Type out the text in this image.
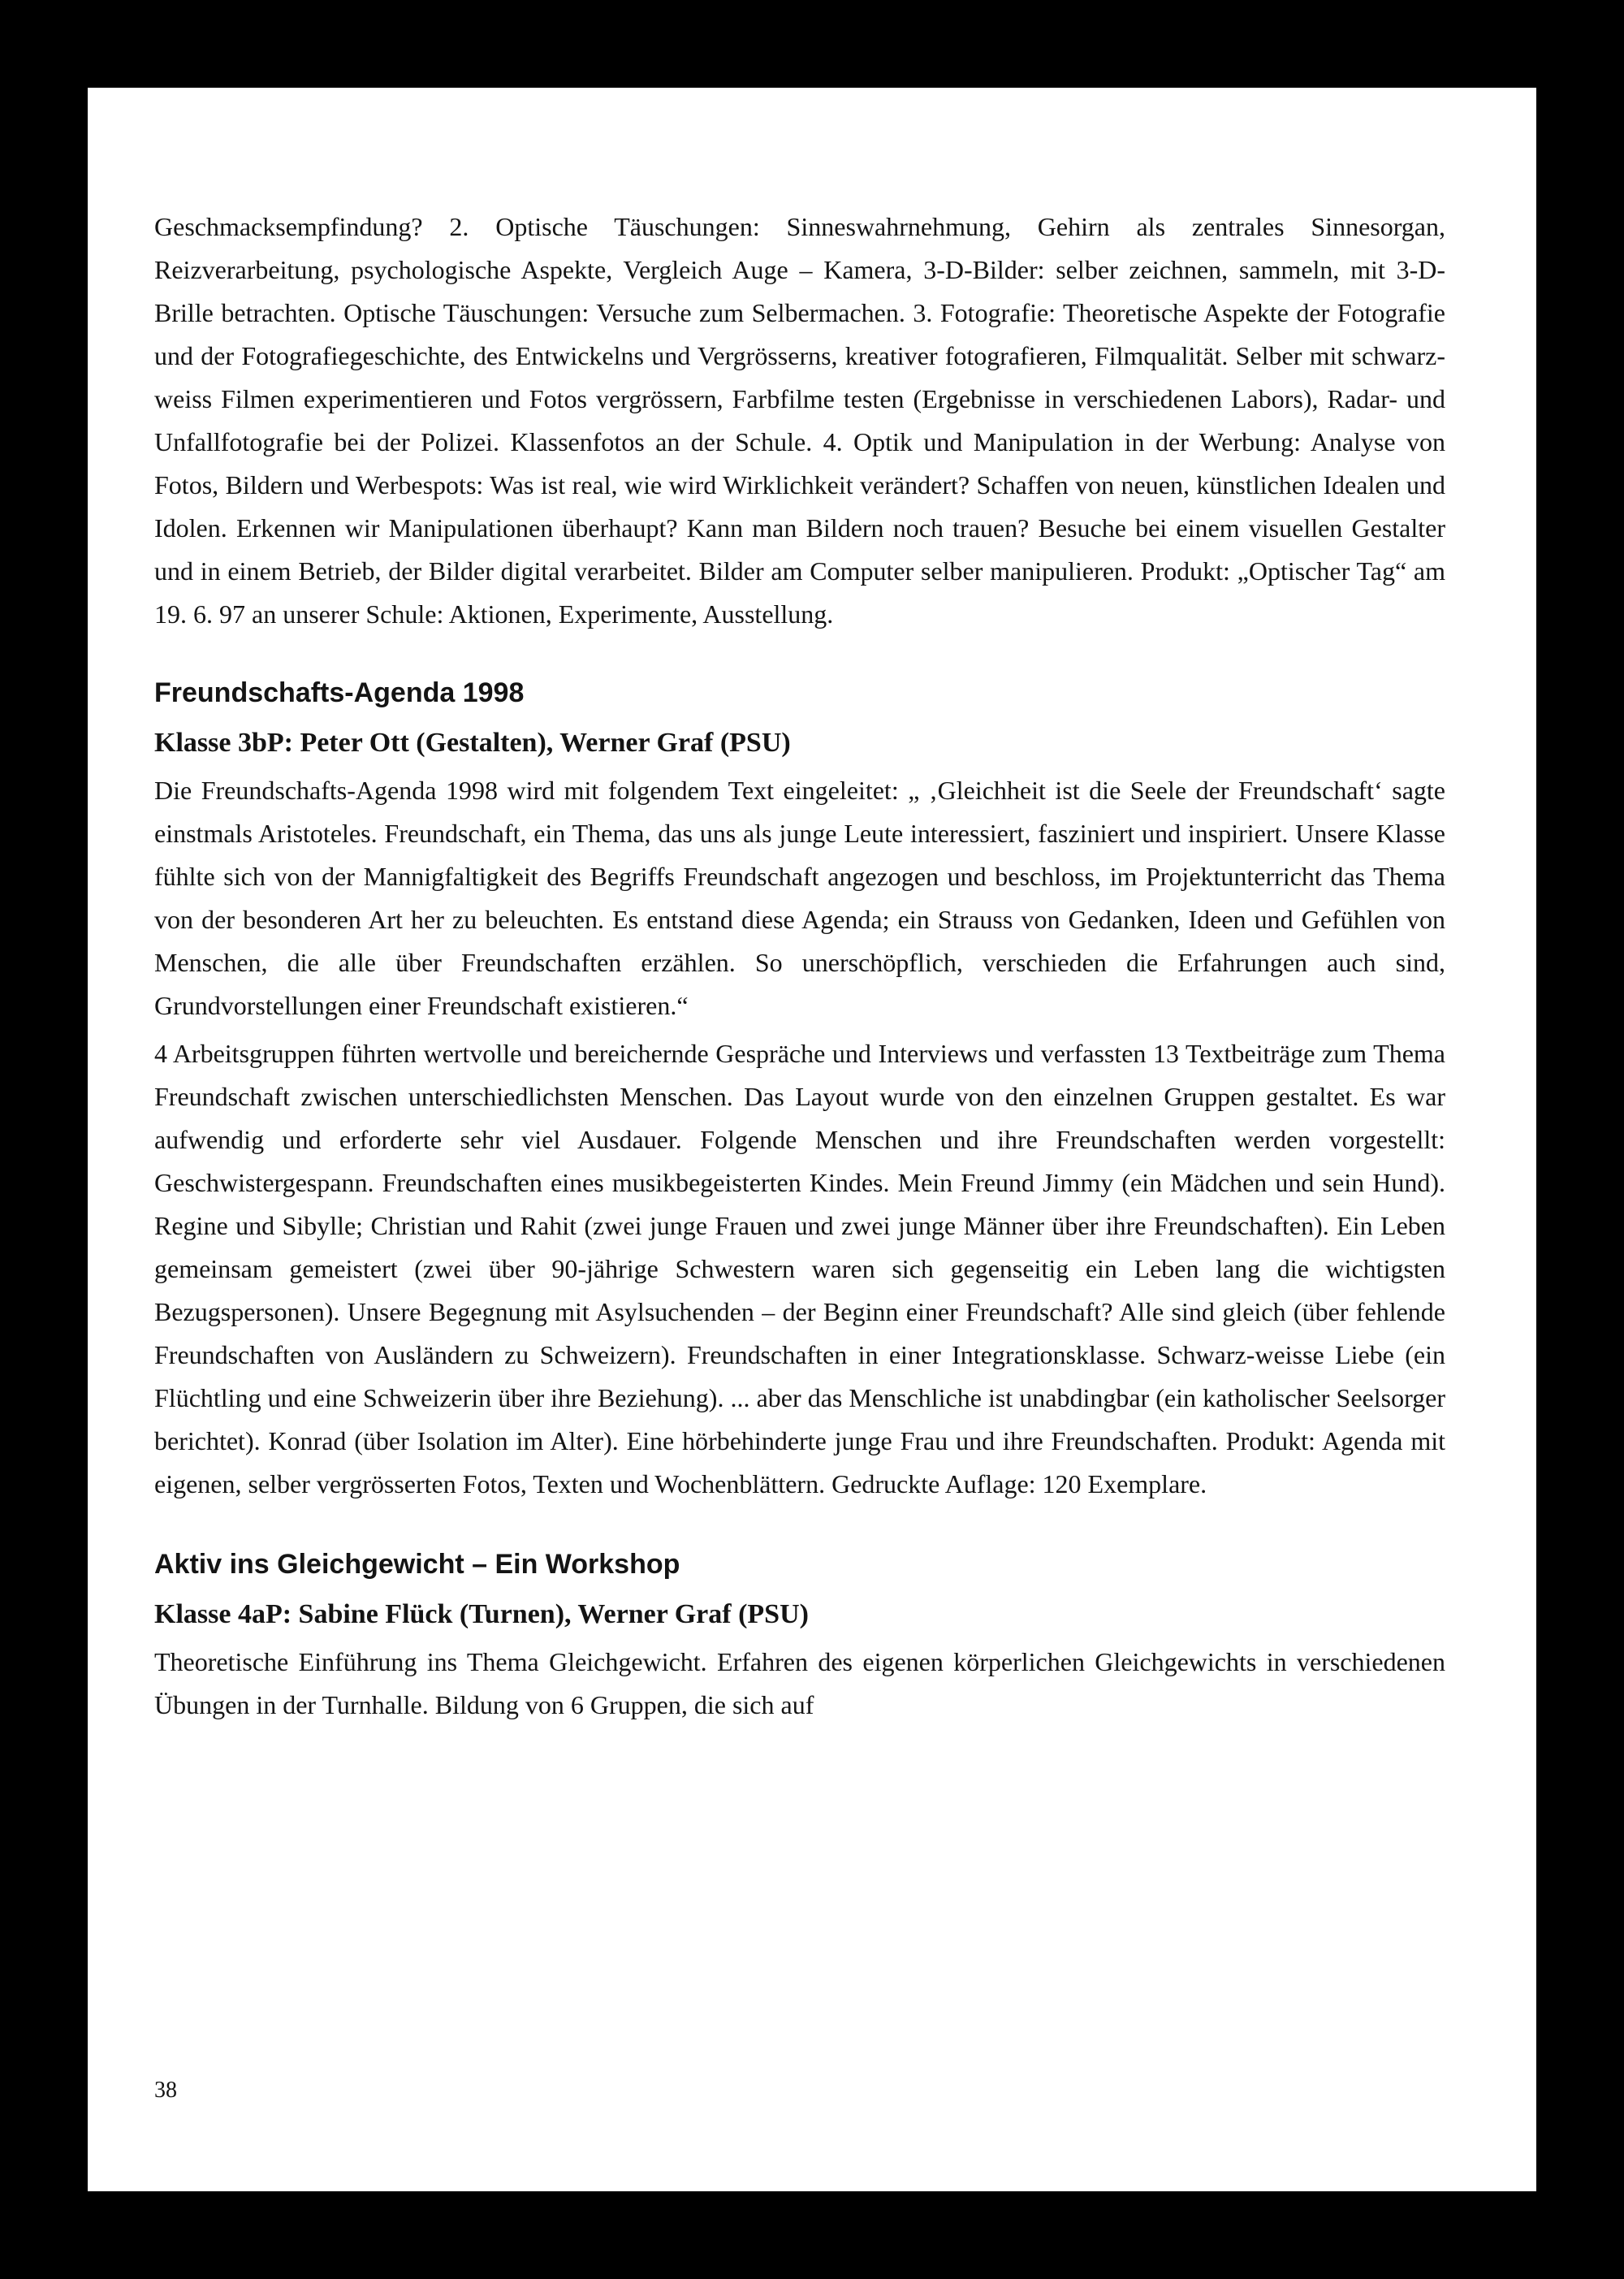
Geschmacksempfindung? 2. Optische Täuschungen: Sinneswahrnehmung, Gehirn als zentrales Sinnesorgan, Reizverarbeitung, psychologische Aspekte, Vergleich Auge – Kamera, 3-D-Bilder: selber zeichnen, sammeln, mit 3-D-Brille betrachten. Optische Täuschungen: Versuche zum Selbermachen. 3. Fotografie: Theoretische Aspekte der Fotografie und der Fotografiegeschichte, des Entwickelns und Vergrösserns, kreativer fotografieren, Filmqualität. Selber mit schwarz-weiss Filmen experimentieren und Fotos vergrössern, Farbfilme testen (Ergebnisse in verschiedenen Labors), Radar- und Unfallfotografie bei der Polizei. Klassenfotos an der Schule. 4. Optik und Manipulation in der Werbung: Analyse von Fotos, Bildern und Werbespots: Was ist real, wie wird Wirklichkeit verändert? Schaffen von neuen, künstlichen Idealen und Idolen. Erkennen wir Manipulationen überhaupt? Kann man Bildern noch trauen? Besuche bei einem visuellen Gestalter und in einem Betrieb, der Bilder digital verarbeitet. Bilder am Computer selber manipulieren. Produkt: „Optischer Tag“ am 19. 6. 97 an unserer Schule: Aktionen, Experimente, Ausstellung.

Freundschafts-Agenda 1998
Klasse 3bP: Peter Ott (Gestalten), Werner Graf (PSU)

Die Freundschafts-Agenda 1998 wird mit folgendem Text eingeleitet: „ ‚Gleichheit ist die Seele der Freundschaft‘ sagte einstmals Aristoteles. Freundschaft, ein Thema, das uns als junge Leute interessiert, fasziniert und inspiriert. Unsere Klasse fühlte sich von der Mannigfaltigkeit des Begriffs Freundschaft angezogen und beschloss, im Projektunterricht das Thema von der besonderen Art her zu beleuchten. Es entstand diese Agenda; ein Strauss von Gedanken, Ideen und Gefühlen von Menschen, die alle über Freundschaften erzählen. So unerschöpflich, verschieden die Erfahrungen auch sind, Grundvorstellungen einer Freundschaft existieren.“

4 Arbeitsgruppen führten wertvolle und bereichernde Gespräche und Interviews und verfassten 13 Textbeiträge zum Thema Freundschaft zwischen unterschiedlichsten Menschen. Das Layout wurde von den einzelnen Gruppen gestaltet. Es war aufwendig und erforderte sehr viel Ausdauer. Folgende Menschen und ihre Freundschaften werden vorgestellt: Geschwistergespann. Freundschaften eines musikbegeisterten Kindes. Mein Freund Jimmy (ein Mädchen und sein Hund). Regine und Sibylle; Christian und Rahit (zwei junge Frauen und zwei junge Männer über ihre Freundschaften). Ein Leben gemeinsam gemeistert (zwei über 90-jährige Schwestern waren sich gegenseitig ein Leben lang die wichtigsten Bezugspersonen). Unsere Begegnung mit Asylsuchenden – der Beginn einer Freundschaft? Alle sind gleich (über fehlende Freundschaften von Ausländern zu Schweizern). Freundschaften in einer Integrationsklasse. Schwarz-weisse Liebe (ein Flüchtling und eine Schweizerin über ihre Beziehung). ... aber das Menschliche ist unabdingbar (ein katholischer Seelsorger berichtet). Konrad (über Isolation im Alter). Eine hörbehinderte junge Frau und ihre Freundschaften. Produkt: Agenda mit eigenen, selber vergrösserten Fotos, Texten und Wochenblättern. Gedruckte Auflage: 120 Exemplare.

Aktiv ins Gleichgewicht – Ein Workshop
Klasse 4aP: Sabine Flück (Turnen), Werner Graf (PSU)

Theoretische Einführung ins Thema Gleichgewicht. Erfahren des eigenen körperlichen Gleichgewichts in verschiedenen Übungen in der Turnhalle. Bildung von 6 Gruppen, die sich auf

38
